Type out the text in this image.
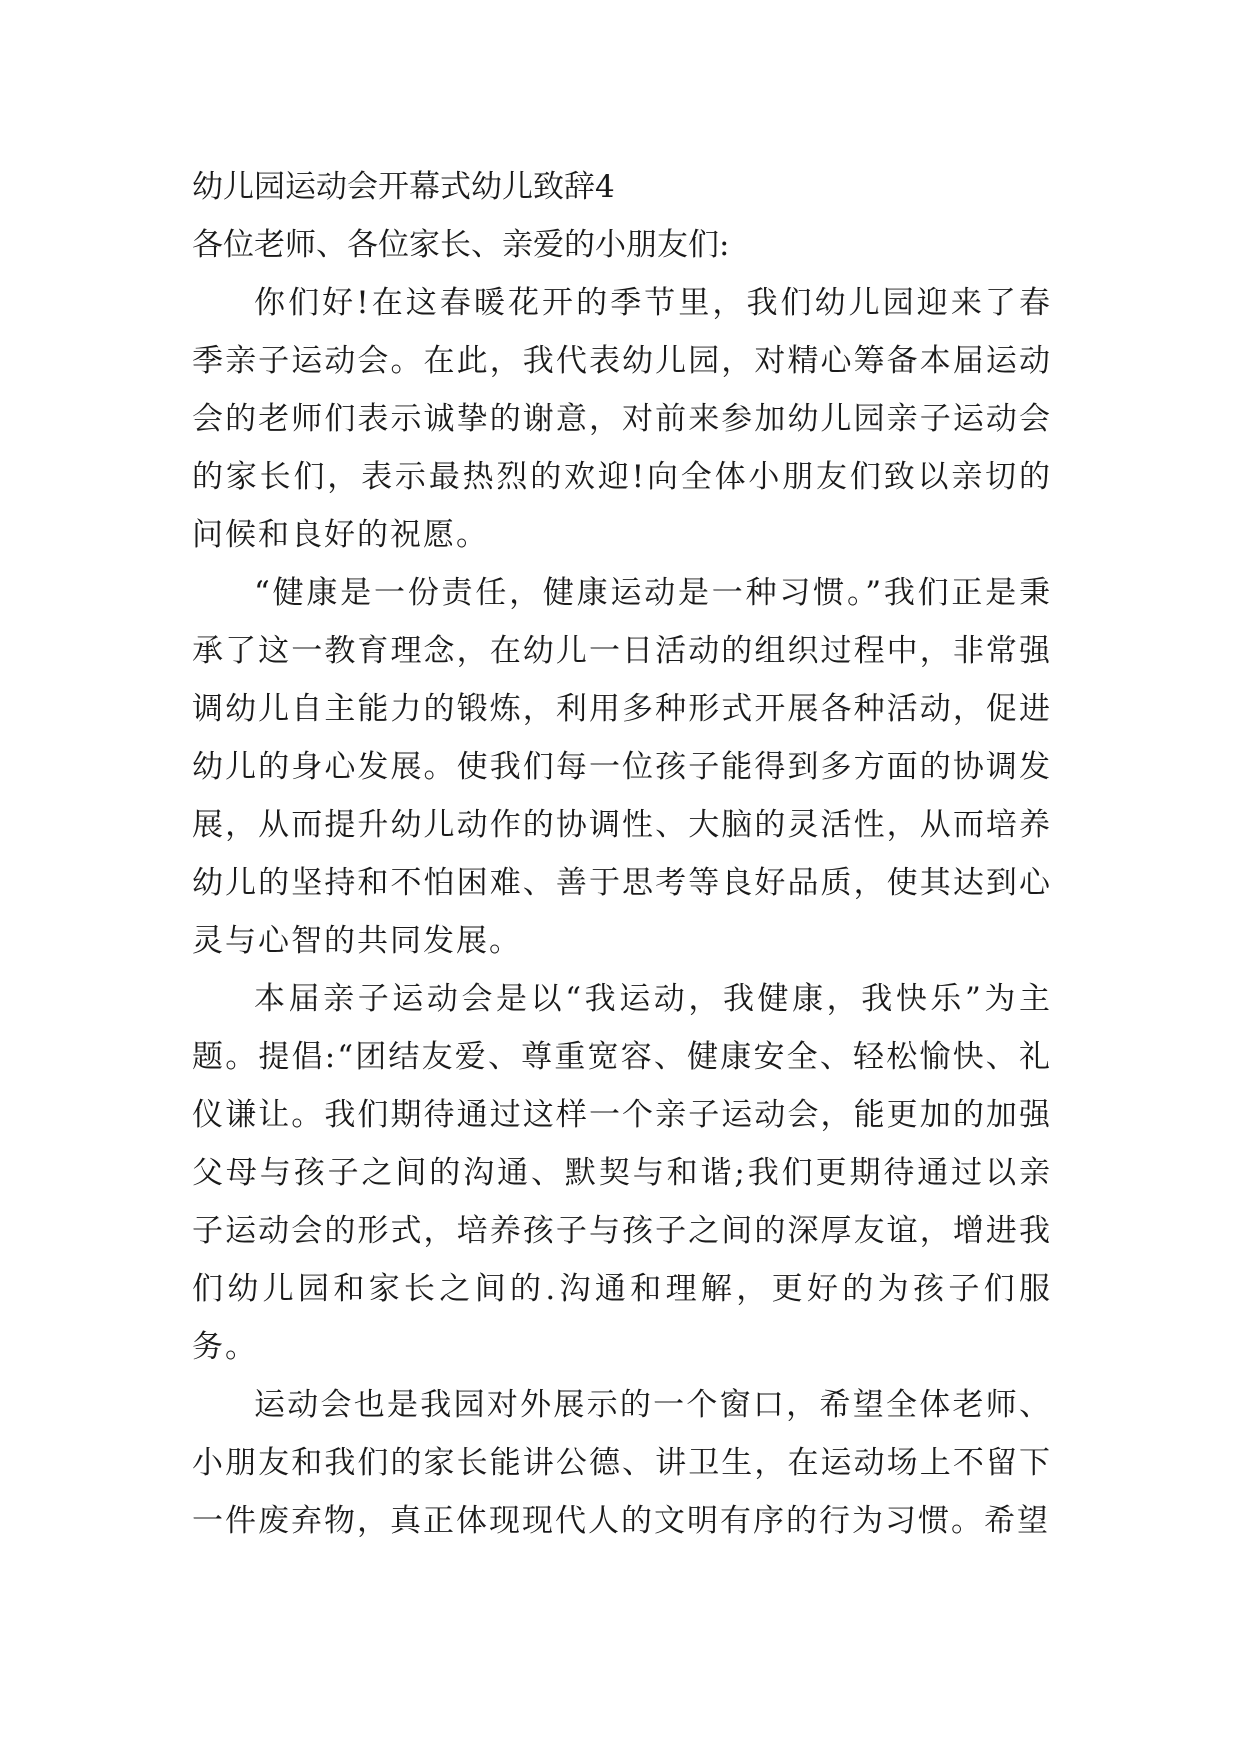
幼儿园运动会开幕式幼儿致辞4

各位老师、各位家长、亲爱的小朋友们:

你们好!在这春暖花开的季节里，我们幼儿园迎来了春季亲子运动会。在此，我代表幼儿园，对精心筹备本届运动会的老师们表示诚挚的谢意，对前来参加幼儿园亲子运动会的家长们，表示最热烈的欢迎!向全体小朋友们致以亲切的问候和良好的祝愿。

“健康是一份责任，健康运动是一种习惯。”我们正是秉承了这一教育理念，在幼儿一日活动的组织过程中，非常强调幼儿自主能力的锻炼，利用多种形式开展各种活动，促进幼儿的身心发展。使我们每一位孩子能得到多方面的协调发展，从而提升幼儿动作的协调性、大脑的灵活性，从而培养幼儿的坚持和不怕困难、善于思考等良好品质，使其达到心灵与心智的共同发展。

本届亲子运动会是以“我运动，我健康，我快乐”为主题。提倡:“团结友爱、尊重宽容、健康安全、轻松愉快、礼仪谦让。我们期待通过这样一个亲子运动会，能更加的加强父母与孩子之间的沟通、默契与和谐;我们更期待通过以亲子运动会的形式，培养孩子与孩子之间的深厚友谊，增进我们幼儿园和家长之间的.沟通和理解，更好的为孩子们服务。

运动会也是我园对外展示的一个窗口，希望全体老师、小朋友和我们的家长能讲公德、讲卫生，在运动场上不留下一件废弃物，真正体现现代人的文明有序的行为习惯。希望
